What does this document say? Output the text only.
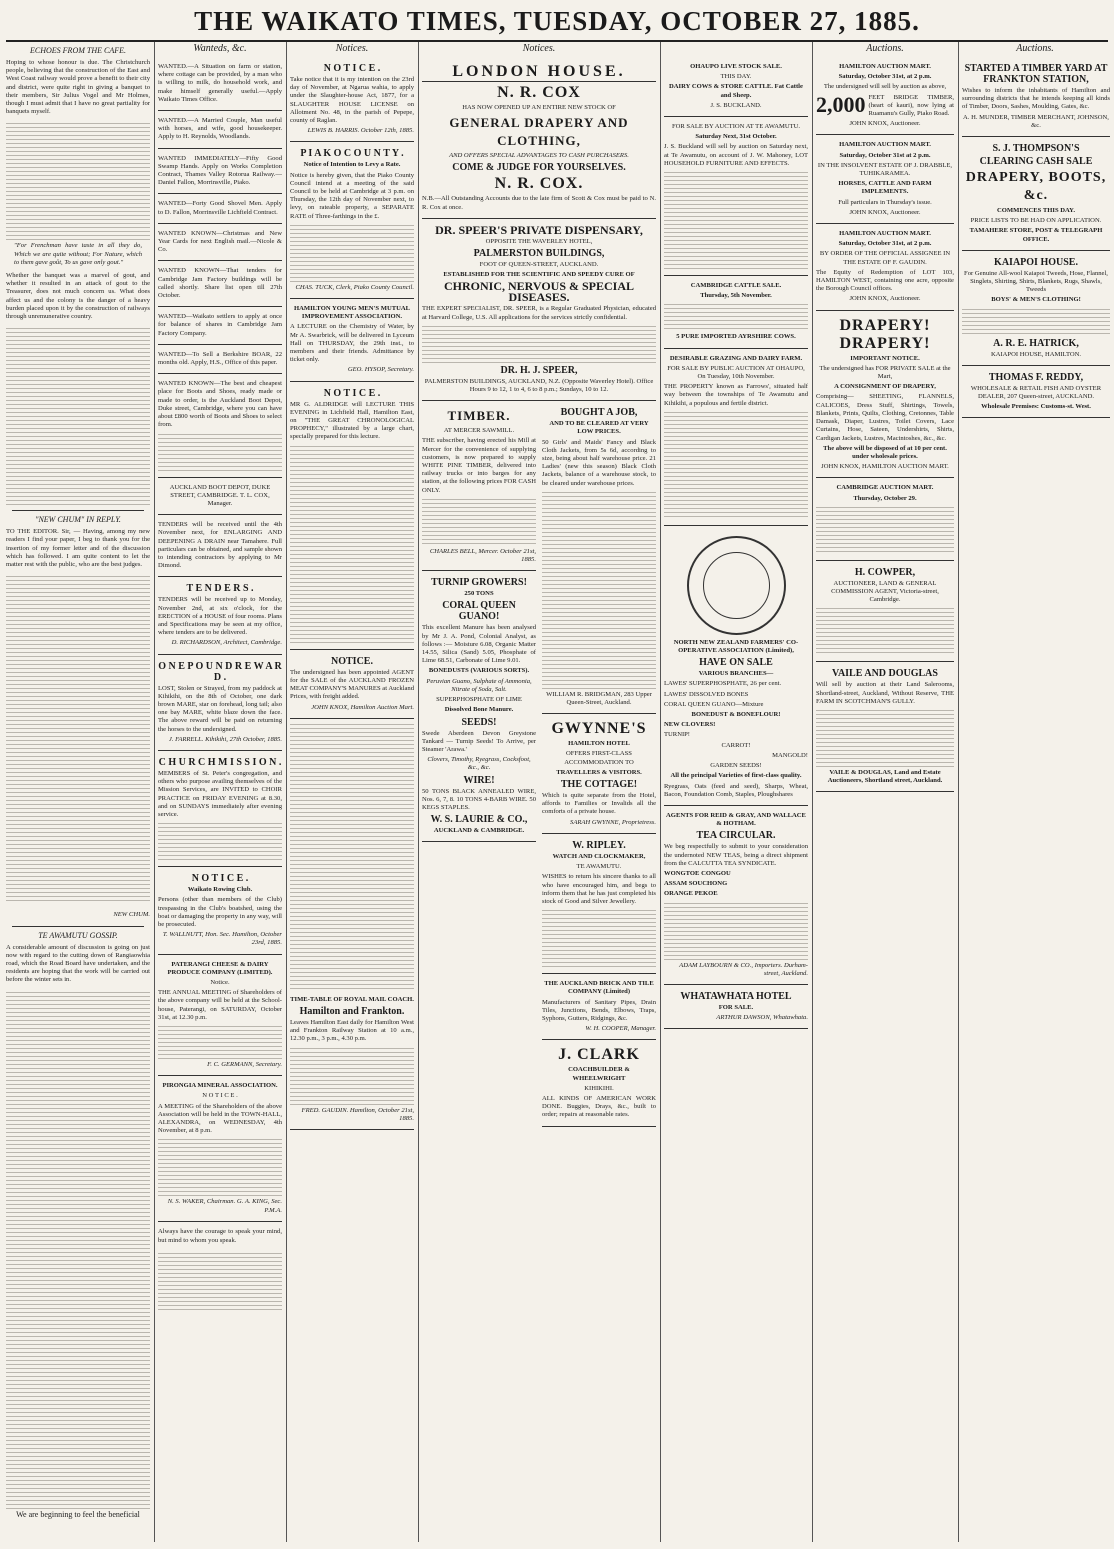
THE WAIKATO TIMES, TUESDAY, OCTOBER 27, 1885.
Wanteds, &c.	Notices.	Notices.	Auctions.	Auctions.
ECHOES FROM THE CAFE.

Hoping to whose honour is due. The Christchurch people, believing that the construction of the East and West Coast railway would prove a benefit to their city and district, were quite right in giving a banquet to their members, Sir Julius Vogel and Mr Holmes, though I must admit that I have no great partiality for banquets myself.

"For Frenchman have taste in all they do, Which we are quite without; For Nature, which to them gave goût, To us gave only gout."

Whether the banquet was a marvel of gout, and whether it resulted in an attack of gout to the Treasurer, does not much concern us. What does affect us and the colony is the danger of a heavy burden placed upon it by the construction of railways through unremunerative country.

"NEW CHUM" IN REPLY.

TO THE EDITOR. Sir, — Having, among my new readers I find your paper, I beg to thank you for the insertion of my former letter and of the discussion which has followed. I am quite content to let the matter rest with the public, who are the best judges.

NEW CHUM.

TE AWAMUTU GOSSIP.

A considerable amount of discussion is going on just now with regard to the cutting down of Rangiaowhia road, which the Road Board have undertaken, and the residents are hoping that the work will be carried out before the winter sets in.

We are beginning to feel the beneficial

WANTED.—A Situation on farm or station, where cottage can be provided, by a man who is willing to milk, do household work, and make himself generally useful.—Apply Waikato Times Office.

WANTED.—A Married Couple, Man useful with horses, and wife, good housekeeper. Apply to H. Reynolds, Woodlands.

WANTED IMMEDIATELY—Fifty Good Swamp Hands. Apply on Works Completion Contract, Thames Valley Rotorua Railway.—Daniel Fallon, Morrinsville, Piako.

WANTED—Forty Good Shovel Men. Apply to D. Fallon, Morrinsville Lichfield Contract.

WANTED KNOWN—Christmas and New Year Cards for next English mail.—Nicole & Co.

WANTED KNOWN—That tenders for Cambridge Jam Factory buildings will be called shortly. Share list open till 27th October.

WANTED—Waikato settlers to apply at once for balance of shares in Cambridge Jam Factory Company.

WANTED—To Sell a Berkshire BOAR, 22 months old. Apply, H.S., Office of this paper.

WANTED KNOWN—The best and cheapest place for Boots and Shoes, ready made or made to order, is the Auckland Boot Depot, Duke street, Cambridge, where you can have about £800 worth of Boots and Shoes to select from.

AUCKLAND BOOT DEPOT, DUKE STREET, CAMBRIDGE. T. L. COX, Manager.

TENDERS will be received until the 4th November next, for ENLARGING AND DEEPENING A DRAIN near Tamahere. Full particulars can be obtained, and sample shown to intending contractors by applying to Mr Dimond.

T E N D E R S .

TENDERS will be received up to Monday, November 2nd, at six o'clock, for the ERECTION of a HOUSE of four rooms. Plans and Specifications may be seen at my office, where tenders are to be delivered.

D. RICHARDSON, Architect, Cambridge.

O N E P O U N D R E W A R D .

LOST, Stolen or Strayed, from my paddock at Kihikihi, on the 8th of October, one dark brown MARE, star on forehead, long tail; also one bay MARE, white blaze down the face. The above reward will be paid on returning the horses to the undersigned.

J. FARRELL. Kihikihi, 27th October, 1885.

C H U R C H M I S S I O N .

MEMBERS of St. Peter's congregation, and others who purpose availing themselves of the Mission Services, are INVITED to CHOIR PRACTICE on FRIDAY EVENING at 8.30, and on SUNDAYS immediately after evening service.

N O T I C E .

Waikato Rowing Club.

Persons (other than members of the Club) trespassing in the Club's boatshed, using the boat or damaging the property in any way, will be prosecuted.

T. WALLNUTT, Hon. Sec. Hamilton, October 23rd, 1885.

PATERANGI CHEESE & DAIRY PRODUCE COMPANY (LIMITED).

Notice.

THE ANNUAL MEETING of Shareholders of the above company will be held at the School-house, Paterangi, on SATURDAY, October 31st, at 12.30 p.m.

F. C. GERMANN, Secretary.

PIRONGIA MINERAL ASSOCIATION.

N O T I C E .

A MEETING of the Shareholders of the above Association will be held in the TOWN-HALL, ALEXANDRA, on WEDNESDAY, 4th November, at 8 p.m.

N. S. WAKER, Chairman. G. A. KING, Sec. P.M.A.

Always have the courage to speak your mind, but mind to whom you speak.

N O T I C E .

Take notice that it is my intention on the 23rd day of November, at Ngarua wahia, to apply under the Slaughter-house Act, 1877, for a SLAUGHTER HOUSE LICENSE on Allotment No. 48, in the parish of Pepepe, county of Raglan.

LEWIS B. HARRIS. October 12th, 1885.

P I A K O C O U N T Y .

Notice of Intention to Levy a Rate.

Notice is hereby given, that the Piako County Council intend at a meeting of the said Council to be held at Cambridge at 3 p.m. on Thursday, the 12th day of November next, to levy, on rateable property, a SEPARATE RATE of Three-farthings in the £.

CHAS. TUCK, Clerk, Piako County Council.

HAMILTON YOUNG MEN'S MUTUAL IMPROVEMENT ASSOCIATION.

A LECTURE on the Chemistry of Water, by Mr A. Swarbrick, will be delivered in Lyceum Hall on THURSDAY, the 29th inst., to members and their friends. Admittance by ticket only.

GEO. HYSOP, Secretary.

N O T I C E .

MR G. ALDRIDGE will LECTURE THIS EVENING in Lichfield Hall, Hamilton East, on "THE GREAT CHRONOLOGICAL PROPHECY," illustrated by a large chart, specially prepared for this lecture.

NOTICE.

The undersigned has been appointed AGENT for the SALE of the AUCKLAND FROZEN MEAT COMPANY'S MANURES at Auckland Prices, with freight added.

JOHN KNOX, Hamilton Auction Mart.

TIME-TABLE OF ROYAL MAIL COACH.

Hamilton and Frankton.

Leaves Hamilton East daily for Hamilton West and Frankton Railway Station at 10 a.m., 12.30 p.m., 3 p.m., 4.30 p.m.

FRED. GAUDIN. Hamilton, October 21st, 1885.

LONDON HOUSE.

N. R. COX

HAS NOW OPENED UP AN ENTIRE NEW STOCK OF

GENERAL DRAPERY AND CLOTHING,

AND OFFERS SPECIAL ADVANTAGES TO CASH PURCHASERS.

COME & JUDGE FOR YOURSELVES.

N. R. COX.

N.B.—All Outstanding Accounts due to the late firm of Scott & Cox must be paid to N. R. Cox at once.

DR. SPEER'S PRIVATE DISPENSARY,

OPPOSITE THE WAVERLEY HOTEL,

PALMERSTON BUILDINGS,

FOOT OF QUEEN-STREET, AUCKLAND.

ESTABLISHED FOR THE SCIENTIFIC AND SPEEDY CURE OF

CHRONIC, NERVOUS & SPECIAL DISEASES.

THE EXPERT SPECIALIST, DR. SPEER, is a Regular Graduated Physician, educated at Harvard College, U.S. All applications for the services strictly confidential.

DR. H. J. SPEER,

PALMERSTON BUILDINGS, AUCKLAND, N.Z. (Opposite Waverley Hotel). Office Hours 9 to 12, 1 to 4, 6 to 8 p.m.; Sundays, 10 to 12.

TIMBER.

AT MERCER SAWMILL.

THE subscriber, having erected his Mill at Mercer for the convenience of supplying customers, is now prepared to supply WHITE PINE TIMBER, delivered into railway trucks or into barges for any station, at the following prices FOR CASH ONLY.

CHARLES BELL, Mercer. October 21st, 1885.

TURNIP GROWERS!

250 TONS

CORAL QUEEN GUANO!

This excellent Manure has been analysed by Mr J. A. Pond, Colonial Analyst, as follows :— Moisture 6.08, Organic Matter 14.55, Silica (Sand) 5.05, Phosphate of Lime 68.51, Carbonate of Lime 9.01.

BONEDUSTS (VARIOUS SORTS).

Peruvian Guano, Sulphate of Ammonia, Nitrate of Soda, Salt.

SUPERPHOSPHATE OF LIME

Dissolved Bone Manure.

SEEDS!

Swede Aberdeen Devon Greystone Tankard — Turnip Seeds! To Arrive, per Steamer 'Arawa.'

Clovers, Timothy, Ryegrass, Cocksfoot, &c., &c.

WIRE!

50 TONS BLACK ANNEALED WIRE, Nos. 6, 7, 8. 10 TONS 4-BARB WIRE. 50 KEGS STAPLES.

W. S. LAURIE & CO.,

AUCKLAND & CAMBRIDGE.

BOUGHT A JOB,

AND TO BE CLEARED AT VERY LOW PRICES.

50 Girls' and Maids' Fancy and Black Cloth Jackets, from 5s 6d, according to size, being about half warehouse price. 21 Ladies' (new this season) Black Cloth Jackets, balance of a warehouse stock, to be cleared under warehouse prices.

WILLIAM R. BRIDGMAN, 283 Upper Queen-Street, Auckland.

GWYNNE'S

HAMILTON HOTEL

OFFERS FIRST-CLASS ACCOMMODATION TO

TRAVELLERS & VISITORS.

THE COTTAGE!

Which is quite separate from the Hotel, affords to Families or Invalids all the comforts of a private house.

SARAH GWYNNE, Proprietress.

W. RIPLEY.

WATCH AND CLOCKMAKER,

TE AWAMUTU.

WISHES to return his sincere thanks to all who have encouraged him, and begs to inform them that he has just completed his stock of Good and Silver Jewellery.

THE AUCKLAND BRICK AND TILE COMPANY (Limited)

Manufacturers of Sanitary Pipes, Drain Tiles, Junctions, Bends, Elbows, Traps, Syphons, Gutters, Ridgings, &c.

W. H. COOPER, Manager.

J. CLARK

COACHBUILDER & WHEELWRIGHT

KIHIKIHI.

ALL KINDS OF AMERICAN WORK DONE. Buggies, Drays, &c., built to order; repairs at reasonable rates.

OHAUPO LIVE STOCK SALE.

THIS DAY.

DAIRY COWS & STORE CATTLE. Fat Cattle and Sheep.

J. S. BUCKLAND.

FOR SALE BY AUCTION AT TE AWAMUTU.

Saturday Next, 31st October.

J. S. Buckland will sell by auction on Saturday next, at Te Awamutu, on account of J. W. Mahoney, LOT HOUSEHOLD FURNITURE AND EFFECTS.

CAMBRIDGE CATTLE SALE.

Thursday, 5th November.

5 PURE IMPORTED AYRSHIRE COWS.

DESIRABLE GRAZING AND DAIRY FARM.

FOR SALE BY PUBLIC AUCTION AT OHAUPO, On Tuesday, 10th November.

THE PROPERTY known as Farrows', situated half way between the townships of Te Awamutu and Kihikihi, a populous and fertile district.

NORTH NEW ZEALAND FARMERS' CO-OPERATIVE ASSOCIATION (Limited),

HAVE ON SALE

VARIOUS BRANCHES—

LAWES' SUPERPHOSPHATE, 26 per cent.

LAWES' DISSOLVED BONES

CORAL QUEEN GUANO—Mixture

BONEDUST & BONEFLOUR!

NEW CLOVERS!

TURNIP!

CARROT!

MANGOLD!

GARDEN SEEDS!

All the principal Varieties of first-class quality.

Ryegrass, Oats (feed and seed), Sharps, Wheat, Bacon, Foundation Comb, Staples, Ploughshares

AGENTS FOR REID & GRAY, AND WALLACE & HOTHAM.

TEA CIRCULAR.

We beg respectfully to submit to your consideration the undernoted NEW TEAS, being a direct shipment from the CALCUTTA TEA SYNDICATE.

WONGTOE CONGOU

ASSAM SOUCHONG

ORANGE PEKOE

ADAM LAYBOURN & CO., Importers. Durham-street, Auckland.

WHATAWHATA HOTEL

FOR SALE.

ARTHUR DAWSON, Whatawhata.

HAMILTON AUCTION MART.

Saturday, October 31st, at 2 p.m.

The undersigned will sell by auction as above,

2,000 FEET BRIDGE TIMBER, (heart of kauri), now lying at Ruamanu's Gully, Piako Road.

JOHN KNOX, Auctioneer.

HAMILTON AUCTION MART.

Saturday, October 31st at 2 p.m.

IN THE INSOLVENT ESTATE OF J. DRABBLE, TUHIKARAMEA.

HORSES, CATTLE AND FARM IMPLEMENTS.

Full particulars in Thursday's issue.

JOHN KNOX, Auctioneer.

HAMILTON AUCTION MART.

Saturday, October 31st, at 2 p.m.

BY ORDER OF THE OFFICIAL ASSIGNEE IN THE ESTATE OF F. GAUDIN.

The Equity of Redemption of LOT 103, HAMILTON WEST, containing one acre, opposite the Borough Council offices.

JOHN KNOX, Auctioneer.

DRAPERY! DRAPERY!

IMPORTANT NOTICE.

The undersigned has FOR PRIVATE SALE at the Mart,

A CONSIGNMENT OF DRAPERY,

Comprising— SHEETING, FLANNELS, CALICOES, Dress Stuff, Shirtings, Towels, Blankets, Prints, Quilts, Clothing, Cretonnes, Table Damask, Diaper, Lustres, Toilet Covers, Lace Curtains, Hose, Sateen, Undershirts, Shirts, Cardigan Jackets, Lustres, Macintoshes, &c., &c.

The above will be disposed of at 10 per cent. under wholesale prices.

JOHN KNOX, HAMILTON AUCTION MART.

CAMBRIDGE AUCTION MART.

Thursday, October 29.

H. COWPER,

AUCTIONEER, LAND & GENERAL COMMISSION AGENT, Victoria-street, Cambridge.

VAILE AND DOUGLAS

Will sell by auction at their Land Salerooms, Shortland-street, Auckland, Without Reserve, THE FARM IN SCOTCHMAN'S GULLY.

VAILE & DOUGLAS, Land and Estate Auctioneers, Shortland street, Auckland.

STARTED A TIMBER YARD AT FRANKTON STATION,

Wishes to inform the inhabitants of Hamilton and surrounding districts that he intends keeping all kinds of Timber, Doors, Sashes, Moulding, Gates, &c.

A. H. MUNDER, TIMBER MERCHANT, JOHNSON, &c.

S. J. THOMPSON'S

CLEARING CASH SALE

DRAPERY, BOOTS, &c.

COMMENCES THIS DAY.

PRICE LISTS TO BE HAD ON APPLICATION.

TAMAHERE STORE, POST & TELEGRAPH OFFICE.

KAIAPOI HOUSE.

For Genuine All-wool Kaiapoi Tweeds, Hose, Flannel, Singlets, Shirting, Shirts, Blankets, Rugs, Shawls, Tweeds

BOYS' & MEN'S CLOTHING!

A. R. E. HATRICK,

KAIAPOI HOUSE, HAMILTON.

THOMAS F. REDDY,

WHOLESALE & RETAIL FISH AND OYSTER DEALER, 207 Queen-street, AUCKLAND.

Wholesale Premises: Customs-st. West.
